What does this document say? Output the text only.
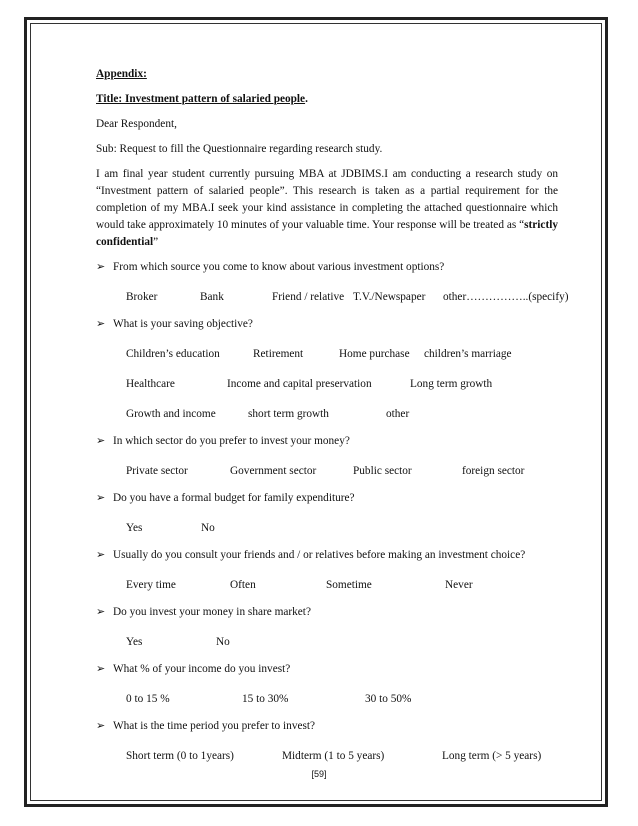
Appendix:
Title: Investment pattern of salaried people.
Dear Respondent,
Sub: Request to fill the Questionnaire regarding research study.
I am final year student currently pursuing MBA at JDBIMS.I am conducting a research study on “Investment pattern of salaried people”. This research is taken as a partial requirement for the completion of my MBA.I seek your kind assistance in completing the attached questionnaire which would take approximately 10 minutes of your valuable time. Your response will be treated as “strictly confidential”
➢ From which source you come to know about various investment options?
Broker	Bank	Friend / relative T.V./Newspaper	other……………..(specify)
➢ What is your saving objective?
Children’s education	Retirement	Home purchase	children’s marriage
Healthcare	Income and capital preservation	Long term growth
Growth and income	short term growth	other
➢ In which sector do you prefer to invest your money?
Private sector	Government sector	Public sector	foreign sector
➢ Do you have a formal budget for family expenditure?
Yes	No
➢ Usually do you consult your friends and / or relatives before making an investment choice?
Every time	Often	Sometime	Never
➢ Do you invest your money in share market?
Yes	No
➢ What % of your income do you invest?
0 to 15 %	15 to 30%	30 to 50%
➢ What is the time period you prefer to invest?
Short term (0 to 1years)	Midterm (1 to 5 years)	Long term (> 5 years)
[59]
